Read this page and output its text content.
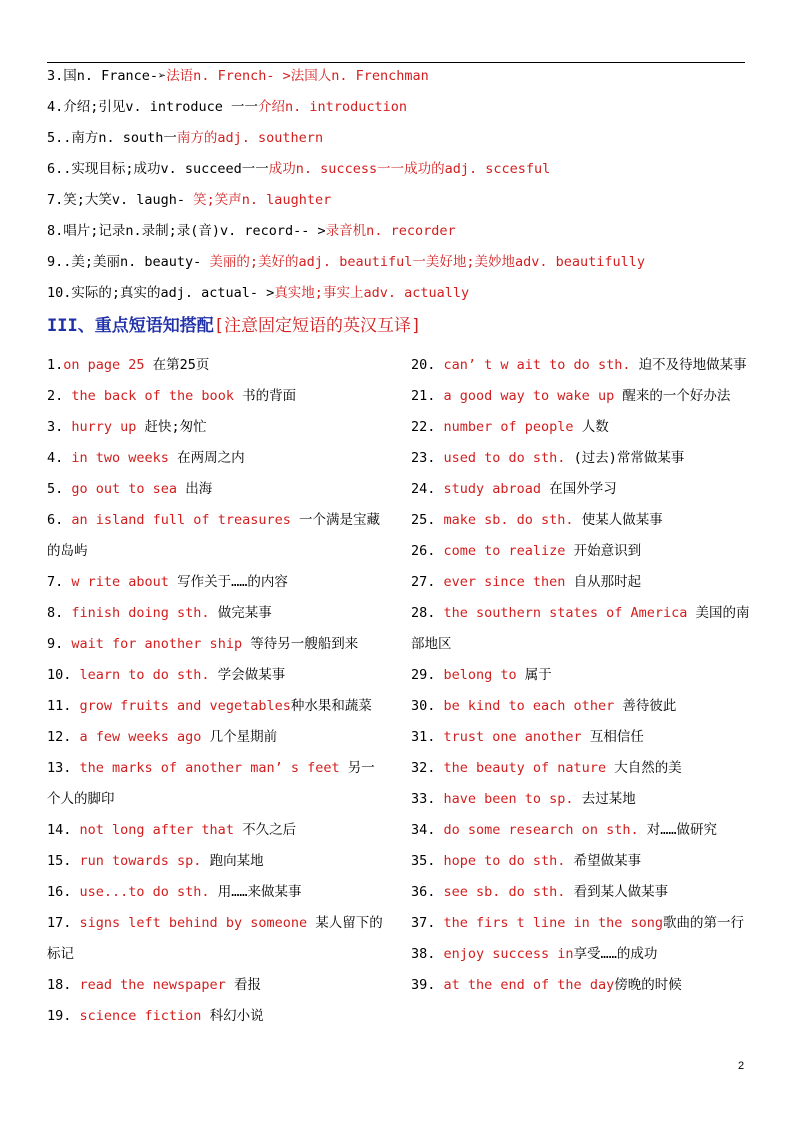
3.国n. France-➢法语n. French- >法国人n. Frenchman
4.介绍;引见v. introduce 一一介绍n. introduction
5..南方n. south一南方的adj. southern
6..实现目标;成功v. succeed一一成功n. success一一成功的adj. sccesful
7.笑;大笑v. laugh- 笑;笑声n. laughter
8.唱片;记录n.录制;录(音)v. record-- >录音机n. recorder
9..美;美丽n. beauty- 美丽的;美好的adj. beautiful一美好地;美妙地adv. beautifully
10.实际的;真实的adj. actual- >真实地;事实上adv. actually
III、重点短语知搭配[注意固定短语的英汉互译]
1.on page 25 在第25页
2. the back of the book 书的背面
3. hurry up 赶快;匆忙
4. in two weeks 在两周之内
5. go out to sea 出海
6. an island full of treasures 一个满是宝藏的岛屿
7. w rite about 写作关于……的内容
8. finish doing sth. 做完某事
9. wait for another ship 等待另一艘船到来
10. learn to do sth. 学会做某事
11. grow fruits and vegetables种水果和蔬菜
12. a few weeks ago 几个星期前
13. the marks of another man’ s feet 另一个人的脚印
14. not long after that 不久之后
15. run towards sp. 跑向某地
16. use...to do sth. 用……来做某事
17. signs left behind by someone 某人留下的标记
18. read the newspaper 看报
19. science fiction 科幻小说
20. can’ t w ait to do sth. 迫不及待地做某事
21. a good way to wake up 醒来的一个好办法
22. number of people 人数
23. used to do sth. (过去)常常做某事
24. study abroad 在国外学习
25. make sb. do sth. 使某人做某事
26. come to realize 开始意识到
27. ever since then 自从那时起
28. the southern states of America 美国的南部地区
29. belong to 属于
30. be kind to each other 善待彼此
31. trust one another 互相信任
32. the beauty of nature 大自然的美
33. have been to sp. 去过某地
34. do some research on sth. 对……做研究
35. hope to do sth. 希望做某事
36. see sb. do sth. 看到某人做某事
37. the firs t line in the song歌曲的第一行
38. enjoy success in享受……的成功
39. at the end of the day傍晚的时候
2
